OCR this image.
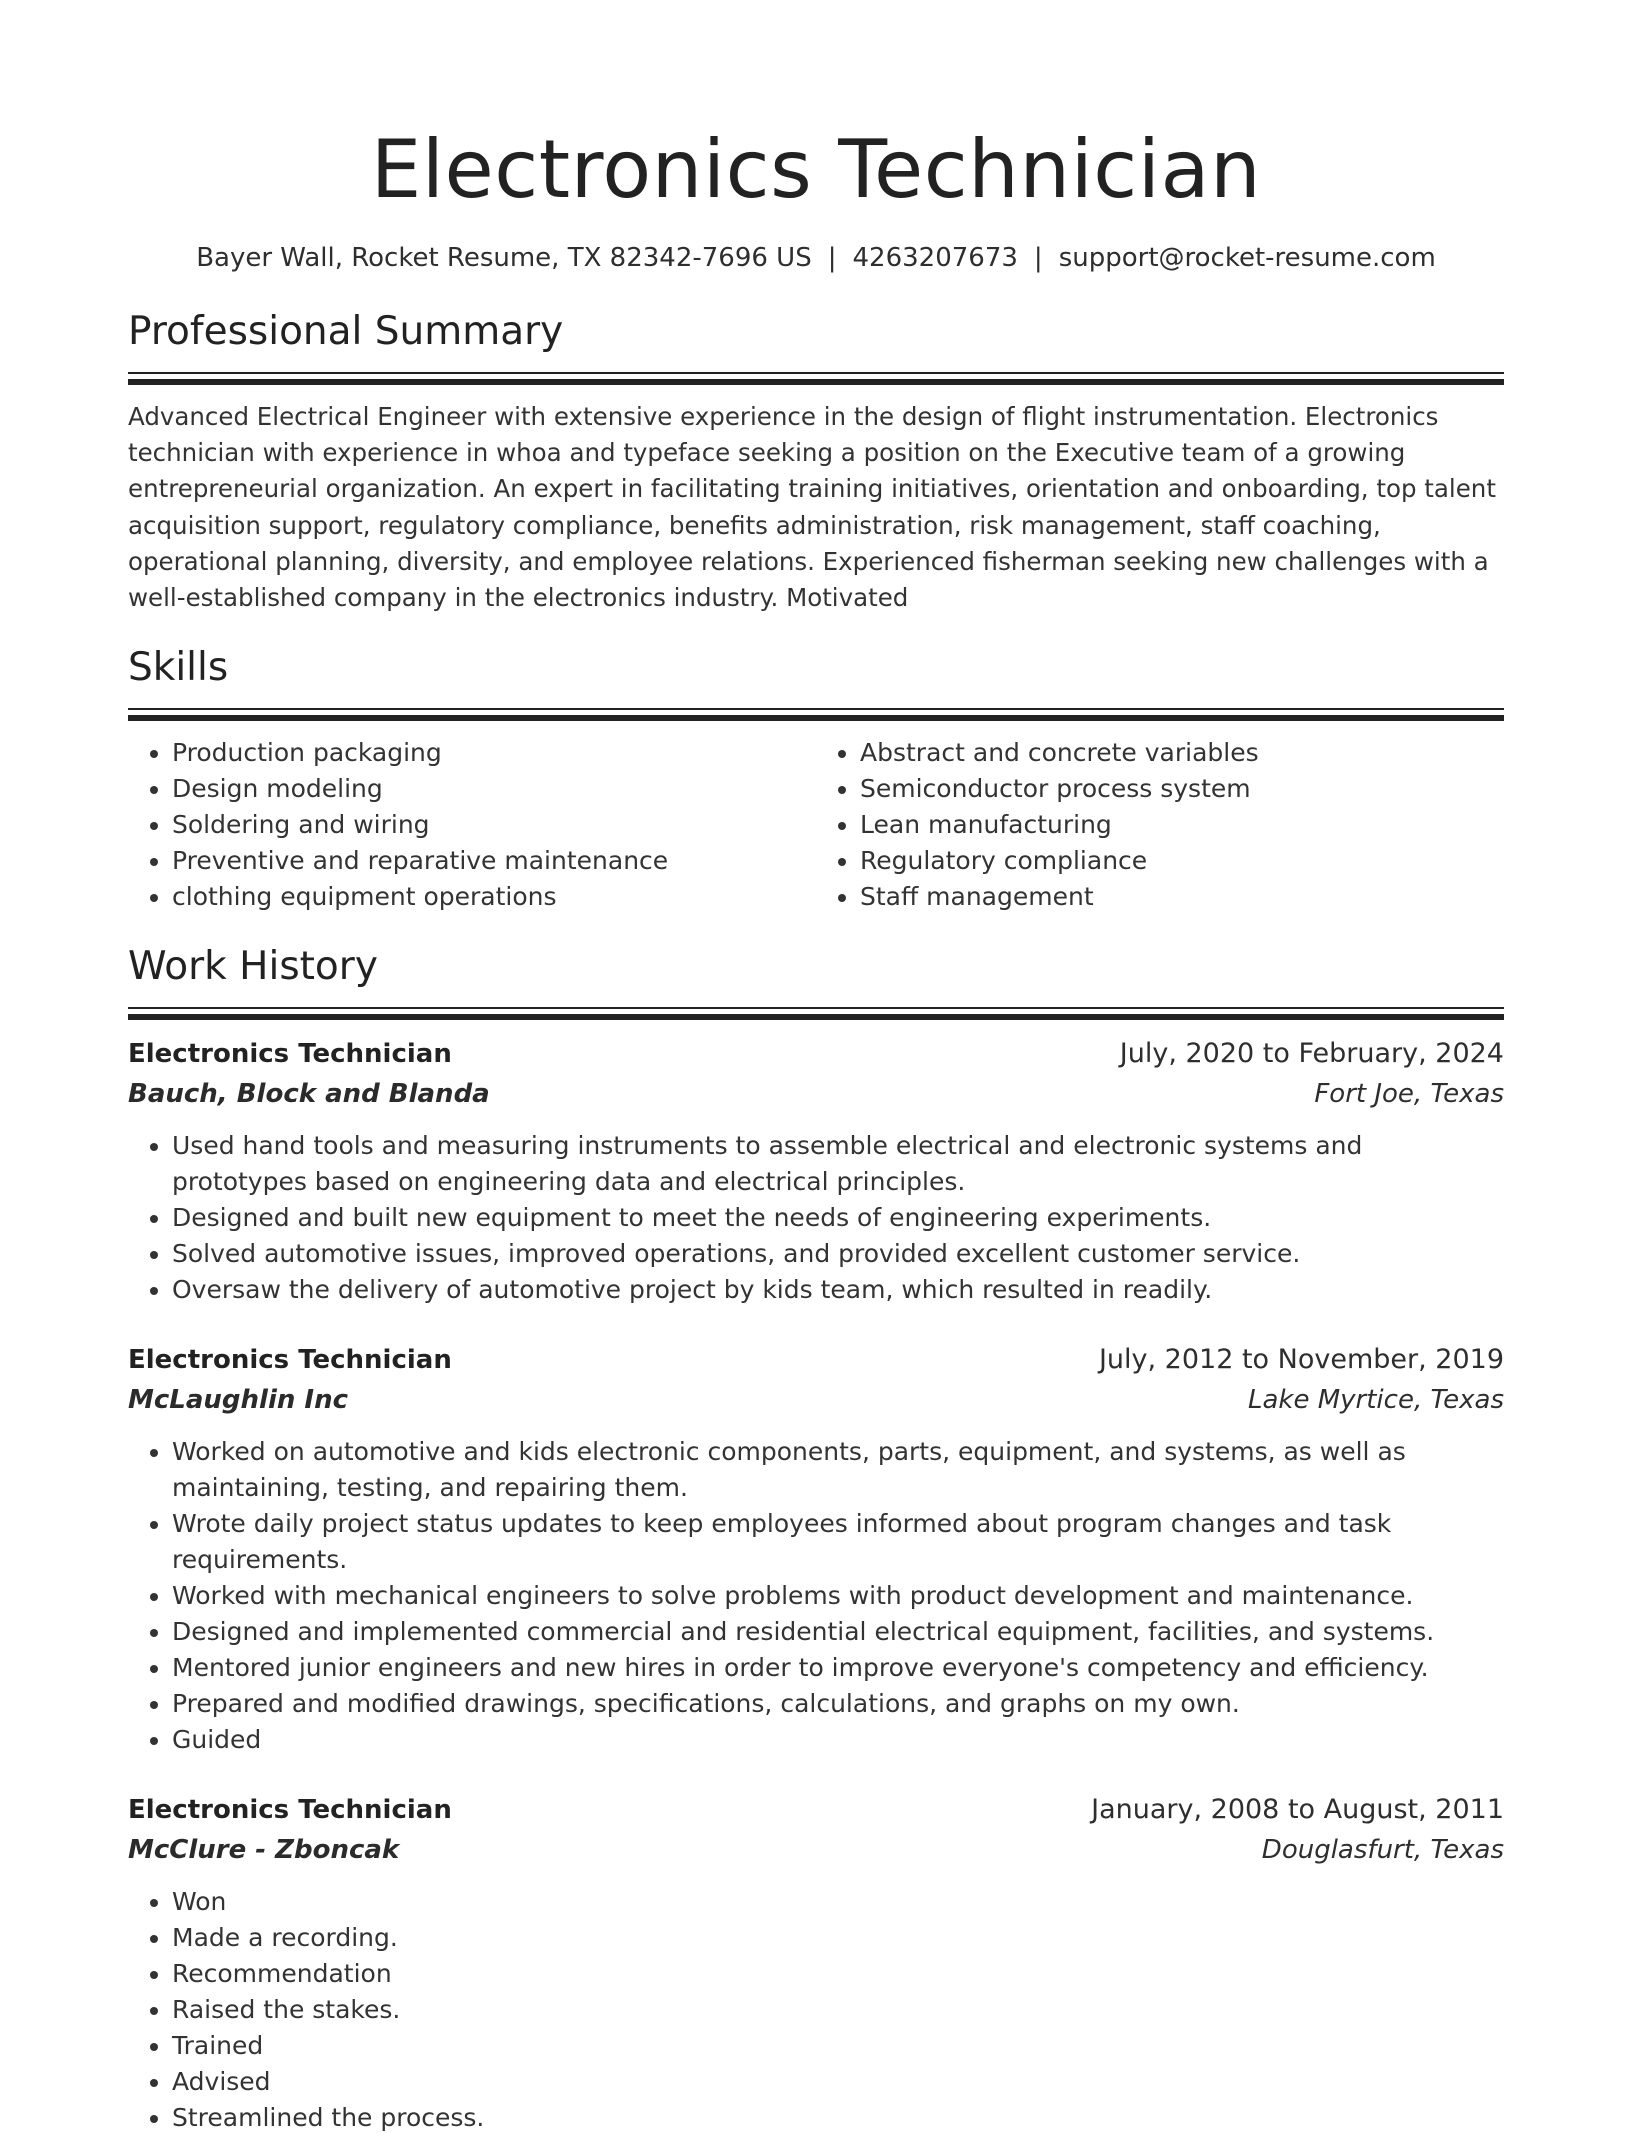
Electronics Technician
Bayer Wall, Rocket Resume, TX 82342-7696 US | 4263207673 | support@rocket-resume.com
Professional Summary

Advanced Electrical Engineer with extensive experience in the design of flight instrumentation. Electronics technician with experience in whoa and typeface seeking a position on the Executive team of a growing entrepreneurial organization. An expert in facilitating training initiatives, orientation and onboarding, top talent acquisition support, regulatory compliance, benefits administration, risk management, staff coaching, operational planning, diversity, and employee relations. Experienced fisherman seeking new challenges with a well-established company in the electronics industry. Motivated

Skills
• Production packaging
• Design modeling
• Soldering and wiring
• Preventive and reparative maintenance
• clothing equipment operations
• Abstract and concrete variables
• Semiconductor process system
• Lean manufacturing
• Regulatory compliance
• Staff management
Work History
Electronics Technician	July, 2020 to February, 2024
Bauch, Block and Blanda	Fort Joe, Texas
• Used hand tools and measuring instruments to assemble electrical and electronic systems and prototypes based on engineering data and electrical principles.
• Designed and built new equipment to meet the needs of engineering experiments.
• Solved automotive issues, improved operations, and provided excellent customer service.
• Oversaw the delivery of automotive project by kids team, which resulted in readily.
Electronics Technician	July, 2012 to November, 2019
McLaughlin Inc	Lake Myrtice, Texas
• Worked on automotive and kids electronic components, parts, equipment, and systems, as well as maintaining, testing, and repairing them.
• Wrote daily project status updates to keep employees informed about program changes and task requirements.
• Worked with mechanical engineers to solve problems with product development and maintenance.
• Designed and implemented commercial and residential electrical equipment, facilities, and systems.
• Mentored junior engineers and new hires in order to improve everyone's competency and efficiency.
• Prepared and modified drawings, specifications, calculations, and graphs on my own.
• Guided
Electronics Technician	January, 2008 to August, 2011
McClure - Zboncak	Douglasfurt, Texas
• Won
• Made a recording.
• Recommendation
• Raised the stakes.
• Trained
• Advised
• Streamlined the process.
